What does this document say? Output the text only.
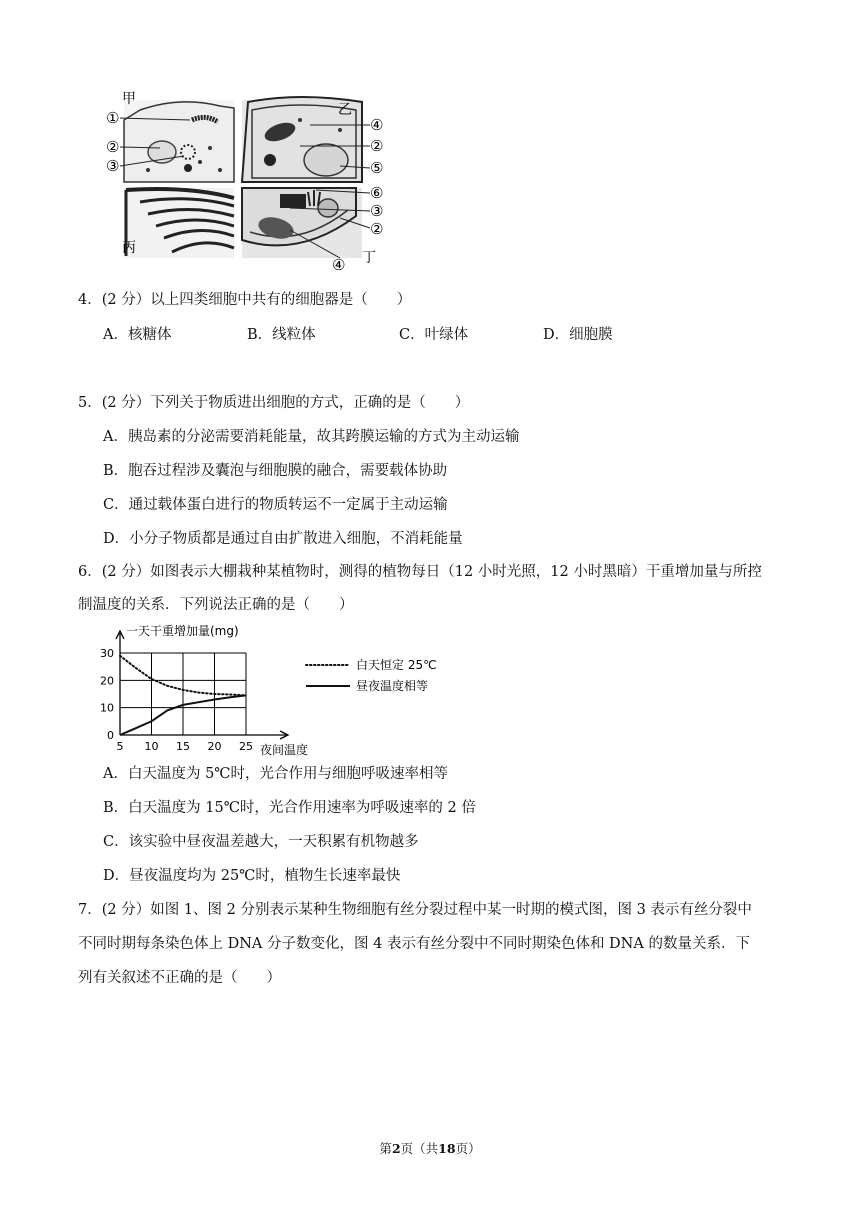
甲
乙
丙
丁
①
②
③
④
②
⑤
⑥
③
②
④
4．(2 分）以上四类细胞中共有的细胞器是（　　）
A．核糖体	B．线粒体	C．叶绿体	D．细胞膜
5．(2 分）下列关于物质进出细胞的方式，正确的是（　　）
A．胰岛素的分泌需要消耗能量，故其跨膜运输的方式为主动运输
B．胞吞过程涉及囊泡与细胞膜的融合，需要载体协助
C．通过载体蛋白进行的物质转运不一定属于主动运输
D．小分子物质都是通过自由扩散进入细胞，不消耗能量
6．(2 分）如图表示大棚栽种某植物时，测得的植物每日（12 小时光照，12 小时黑暗）干重增加量与所控
制温度的关系．下列说法正确的是（　　）
5 10 15 20 25
0
10
20
30
一天干重增加量(mg)
夜间温度
白天恒定 25℃
昼夜温度相等
A．白天温度为 5℃时，光合作用与细胞呼吸速率相等
B．白天温度为 15℃时，光合作用速率为呼吸速率的 2 倍
C．该实验中昼夜温差越大，一天积累有机物越多
D．昼夜温度均为 25℃时，植物生长速率最快
7．(2 分）如图 1、图 2 分别表示某种生物细胞有丝分裂过程中某一时期的模式图，图 3 表示有丝分裂中
不同时期每条染色体上 DNA 分子数变化，图 4 表示有丝分裂中不同时期染色体和 DNA 的数量关系．下
列有关叙述不正确的是（　　）
第2页（共18页）
